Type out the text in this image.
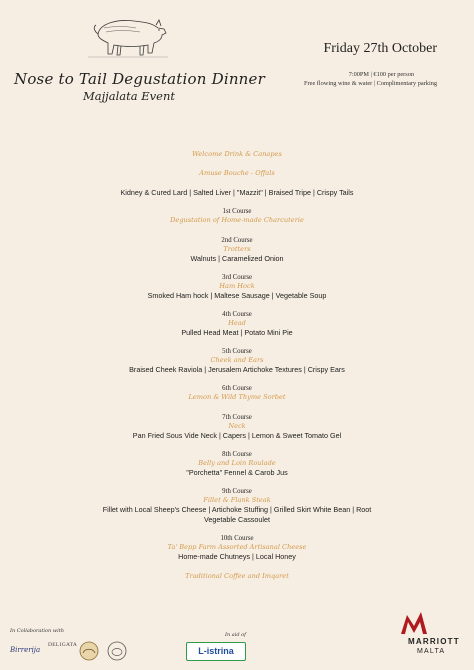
Nose to Tail Degustation Dinner
Majjalata Event
Friday 27th October
7:00PM | €100 per person
Free flowing wine & water | Complimentary parking
Welcome Drink & Canapes
Amuse Bouche - Offals
Kidney & Cured Lard | Salted Liver | "Mazzit" | Braised Tripe | Crispy Tails
1st Course
Degustation of Home-made Charcuterie
2nd Course
Trotters
Walnuts | Caramelized Onion
3rd Course
Ham Hock
Smoked Ham hock | Maltese Sausage | Vegetable Soup
4th Course
Head
Pulled Head Meat | Potato Mini Pie
5th Course
Cheek and Ears
Braised Cheek Raviola | Jerusalem Artichoke Textures | Crispy Ears
6th Course
Lemon & Wild Thyme Sorbet
7th Course
Neck
Pan Fried Sous Vide Neck | Capers | Lemon & Sweet Tomato Gel
8th Course
Belly and Loin Roulade
"Porchetta" Fennel & Carob Jus
9th Course
Fillet & Flank Steak
Fillet with Local Sheep's Cheese | Artichoke Stuffing | Grilled Skirt White Bean | Root Vegetable Cassoulet
10th Course
Ta' Bepp Farm Assorted Artisanal Cheese
Home-made Chutneys | Local Honey
Traditional Coffee and Imqaret
In Collaboration with
Birrerija
DELIGATA
In aid of
L-istrina
MARRIOTT
MALTA
